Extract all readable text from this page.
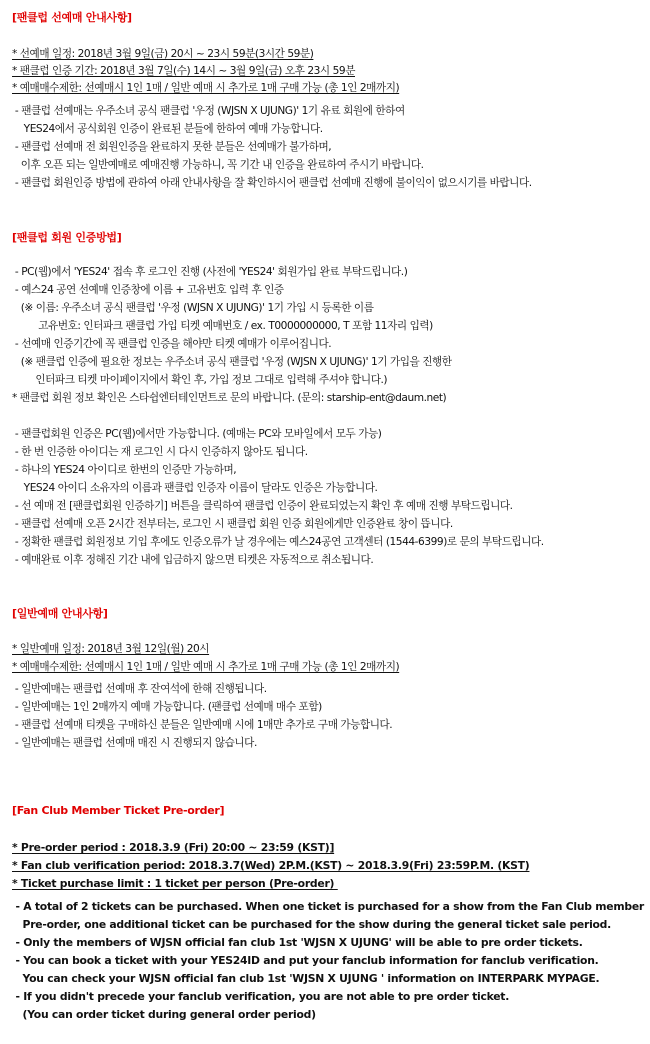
[팬클럽 선예매 안내사항]
* 선예매 일정: 2018년 3월 9일(금) 20시 ~ 23시 59분(3시간 59분)
* 팬클럽 인증 기간: 2018년 3월 7일(수) 14시 ~ 3월 9일(금) 오후 23시 59분
* 예매매수제한: 선예매시 1인 1매 / 일반 예매 시 추가로 1매 구매 가능 (총 1인 2매까지)
- 팬클럽 선예매는 우주소녀 공식 팬클럽 '우정 (WJSN X UJUNG)' 1기 유료 회원에 한하여
YES24에서 공식회원 인증이 완료된 분들에 한하여 예매 가능합니다.
- 팬클럽 선예매 전 회원인증을 완료하지 못한 분들은 선예매가 불가하며,
이후 오픈 되는 일반예매로 예매진행 가능하니, 꼭 기간 내 인증을 완료하여 주시기 바랍니다.
- 팬클럽 회원인증 방법에 관하여 아래 안내사항을 잘 확인하시어 팬클럽 선예매 진행에 불이익이 없으시기를 바랍니다.
[팬클럽 회원 인증방법]
- PC(웹)에서 'YES24' 접속 후 로그인 진행 (사전에 'YES24' 회원가입 완료 부탁드립니다.)
- 예스24 공연 선예매 인증창에 이름 + 고유번호 입력 후 인증
(※ 이름: 우주소녀 공식 팬클럽 '우정 (WJSN X UJUNG)' 1기 가입 시 등록한 이름
고유번호: 인터파크 팬클럽 가입 티켓 예매번호 / ex. T0000000000, T 포함 11자리 입력)
- 선예매 인증기간에 꼭 팬클럽 인증을 해야만 티켓 예매가 이루어집니다.
(※ 팬클럽 인증에 필요한 정보는 우주소녀 공식 팬클럽 '우정 (WJSN X UJUNG)' 1기 가입을 진행한
인터파크 티켓 마이페이지에서 확인 후, 가입 정보 그대로 입력해 주셔야 합니다.)
* 팬클럽 회원 정보 확인은 스타쉽엔터테인먼트로 문의 바랍니다. (문의: starship-ent@daum.net)
- 팬클럽회원 인증은 PC(웹)에서만 가능합니다. (예매는 PC와 모바일에서 모두 가능)
- 한 번 인증한 아이디는 재 로그인 시 다시 인증하지 않아도 됩니다.
- 하나의 YES24 아이디로 한번의 인증만 가능하며,
YES24 아이디 소유자의 이름과 팬클럽 인증자 이름이 달라도 인증은 가능합니다.
- 선 예매 전 [팬클럽회원 인증하기] 버튼을 클릭하여 팬클럽 인증이 완료되었는지 확인 후 예매 진행 부탁드립니다.
- 팬클럽 선예매 오픈 2시간 전부터는, 로그인 시 팬클럽 회원 인증 회원에게만 인증완료 창이 뜹니다.
- 정확한 팬클럽 회원정보 기입 후에도 인증오류가 날 경우에는 예스24공연 고객센터 (1544-6399)로 문의 부탁드립니다.
- 예매완료 이후 정해진 기간 내에 입금하지 않으면 티켓은 자동적으로 취소됩니다.
[일반예매 안내사항]
* 일반예매 일정: 2018년 3월 12일(월) 20시
* 예매매수제한: 선예매시 1인 1매 / 일반 예매 시 추가로 1매 구매 가능 (총 1인 2매까지)
- 일반예매는 팬클럽 선예매 후 잔여석에 한해 진행됩니다.
- 일반예매는 1인 2매까지 예매 가능합니다. (팬클럽 선예매 매수 포함)
- 팬클럽 선예매 티켓을 구매하신 분들은 일반예매 시에 1매만 추가로 구매 가능합니다.
- 일반예매는 팬클럽 선예매 매진 시 진행되지 않습니다.
[Fan Club Member Ticket Pre-order]
* Pre-order period : 2018.3.9 (Fri) 20:00 ~ 23:59 (KST)]
* Fan club verification period: 2018.3.7(Wed) 2P.M.(KST) ~ 2018.3.9(Fri) 23:59P.M. (KST)
* Ticket purchase limit : 1 ticket per person (Pre-order)
- A total of 2 tickets can be purchased. When one ticket is purchased for a show from the Fan Club member
Pre-order, one additional ticket can be purchased for the show during the general ticket sale period.
- Only the members of WJSN official fan club 1st 'WJSN X UJUNG' will be able to pre order tickets.
- You can book a ticket with your YES24ID and put your fanclub information for fanclub verification.
You can check your WJSN official fan club 1st 'WJSN X UJUNG ' information on INTERPARK MYPAGE.
- If you didn't precede your fanclub verification, you are not able to pre order ticket.
(You can order ticket during general order period)
